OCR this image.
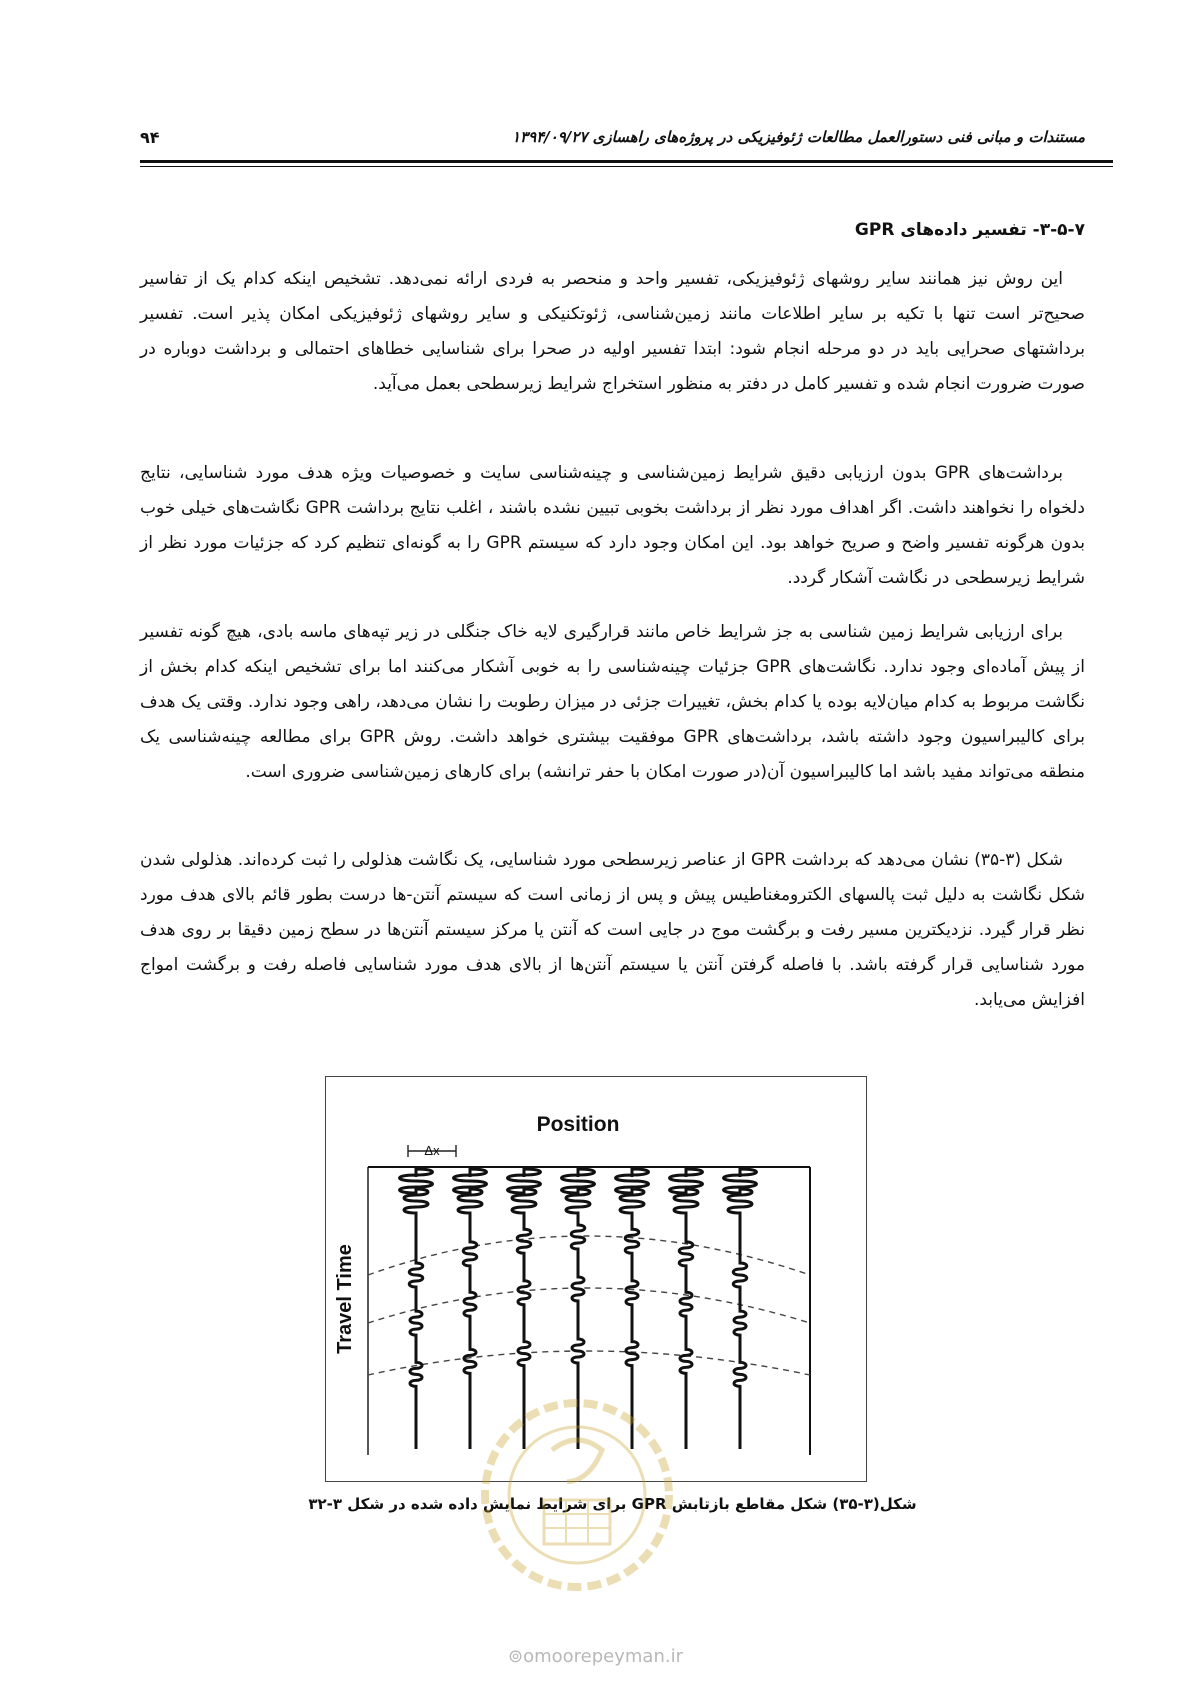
۹۴	مستندات و مبانی فنی دستورالعمل مطالعات ژئوفیزیکی در پروژه‌های راهسازی ۱۳۹۴/۰۹/۲۷
۳-۵-۷- تفسیر داده‌های GPR

این روش نیز همانند سایر روشهای ژئوفیزیکی، تفسیر واحد و منحصر به فردی ارائه نمی‌دهد. تشخیص اینکه کدام یک از تفاسیر صحیح‌تر است تنها با تکیه بر سایر اطلاعات مانند زمین‌شناسی، ژئوتکنیکی و سایر روشهای ژئوفیزیکی امکان پذیر است. تفسیر برداشتهای صحرایی باید در دو مرحله انجام شود: ابتدا تفسیر اولیه در صحرا برای شناسایی خطاهای احتمالی و برداشت دوباره در صورت ضرورت انجام شده و تفسیر کامل در دفتر به منظور استخراج شرایط زیرسطحی بعمل می‌آید.

برداشت‌های GPR بدون ارزیابی دقیق شرایط زمین‌شناسی و چینه‌شناسی سایت و خصوصیات ویژه هدف مورد شناسایی، نتایج دلخواه را نخواهند داشت. اگر اهداف مورد نظر از برداشت بخوبی تبیین نشده باشند ، اغلب نتایج برداشت GPR نگاشت‌های خیلی خوب بدون هرگونه تفسیر واضح و صریح خواهد بود. این امکان وجود دارد که سیستم GPR را به گونه‌ای تنظیم کرد که جزئیات مورد نظر از شرایط زیرسطحی در نگاشت آشکار گردد.

برای ارزیابی شرایط زمین شناسی به جز شرایط خاص مانند قرارگیری لایه خاک جنگلی در زیر تپه‌های ماسه بادی، هیچ گونه تفسیر از پیش آماده‌ای وجود ندارد. نگاشت‌های GPR جزئیات چینه‌شناسی را به خوبی آشکار می‌کنند اما برای تشخیص اینکه کدام بخش از نگاشت مربوط به کدام میان‌لایه بوده یا کدام بخش، تغییرات جزئی در میزان رطوبت را نشان می‌دهد، راهی وجود ندارد. وقتی یک هدف برای کالیبراسیون وجود داشته باشد، برداشت‌های GPR موفقیت بیشتری خواهد داشت. روش GPR برای مطالعه چینه‌شناسی یک منطقه می‌تواند مفید باشد اما کالیبراسیون آن(در صورت امکان با حفر ترانشه) برای کارهای زمین‌شناسی ضروری است.

شکل (۳-۳۵) نشان می‌دهد که برداشت GPR از عناصر زیرسطحی مورد شناسایی، یک نگاشت هذلولی را ثبت کرده‌اند. هذلولی شدن شکل نگاشت به دلیل ثبت پالسهای الکترومغناطیس پیش و پس از زمانی است که سیستم آنتن-ها درست بطور قائم بالای هدف مورد نظر قرار گیرد. نزدیکترین مسیر رفت و برگشت موج در جایی است که آنتن یا مرکز سیستم آنتن‌ها در سطح زمین دقیقا بر روی هدف مورد شناسایی قرار گرفته باشد. با فاصله گرفتن آنتن یا سیستم آنتن‌ها از بالای هدف مورد شناسایی فاصله رفت و برگشت امواج افزایش می‌یابد.

Position
Travel Time
Δx
شکل(۳-۳۵) شکل مقاطع بازتابش GPR برای شرایط نمایش داده شده در شکل ۳-۳۲
⊚omoorepeyman.ir
